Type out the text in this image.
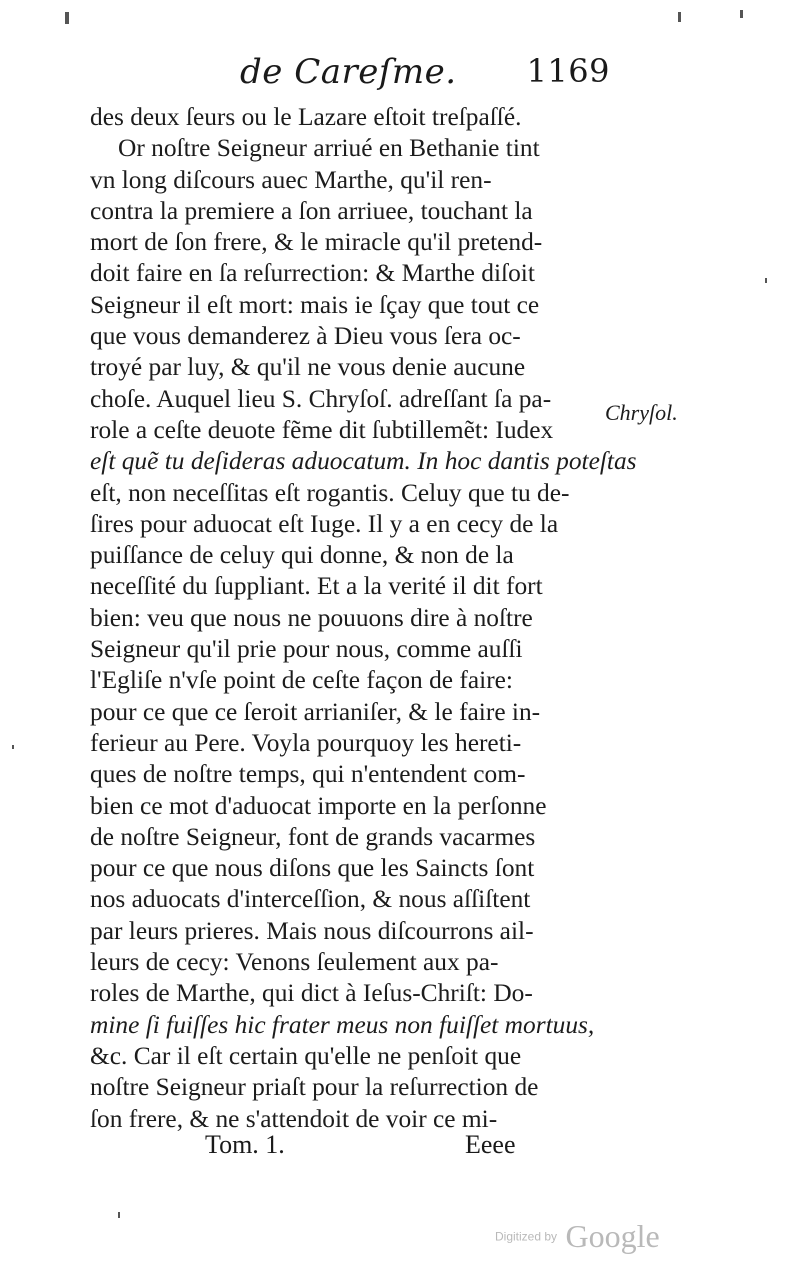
de Careſme. 1169
des deux ſeurs ou le Lazare eſtoit treſpaſſé.
Or noſtre Seigneur arriué en Bethanie tint
vn long diſcours auec Marthe, qu'il ren-
contra la premiere a ſon arriuee, touchant la
mort de ſon frere, & le miracle qu'il pretend-
doit faire en ſa reſurrection: & Marthe diſoit
Seigneur il eſt mort: mais ie ſçay que tout ce
que vous demanderez à Dieu vous ſera oc-
troyé par luy, & qu'il ne vous denie aucune
choſe. Auquel lieu S. Chryſoſ. adreſſant ſa pa-
role a ceſte deuote fẽme dit ſubtillemẽt: Iudex
eſt quẽ tu deſideras aduocatum. In hoc dantis poteſtas
eſt, non neceſſitas eſt rogantis. Celuy que tu de-
ſires pour aduocat eſt Iuge. Il y a en cecy de la
puiſſance de celuy qui donne, & non de la
neceſſité du ſuppliant. Et a la verité il dit fort
bien: veu que nous ne pouuons dire à noſtre
Seigneur qu'il prie pour nous, comme auſſi
l'Egliſe n'vſe point de ceſte façon de faire:
pour ce que ce ſeroit arrianiſer, & le faire in-
ferieur au Pere. Voyla pourquoy les hereti-
ques de noſtre temps, qui n'entendent com-
bien ce mot d'aduocat importe en la perſonne
de noſtre Seigneur, font de grands vacarmes
pour ce que nous diſons que les Saincts ſont
nos aduocats d'interceſſion, & nous aſſiſtent
par leurs prieres. Mais nous diſcourrons ail-
leurs de cecy: Venons ſeulement aux pa-
roles de Marthe, qui dict à Ieſus-Chriſt: Do-
mine ſi fuiſſes hic frater meus non fuiſſet mortuus,
&c. Car il eſt certain qu'elle ne penſoit que
noſtre Seigneur priaſt pour la reſurrection de
ſon frere, & ne s'attendoit de voir ce mi-
Chryſol.
Tom. 1.	Eeee
Digitized by Google
